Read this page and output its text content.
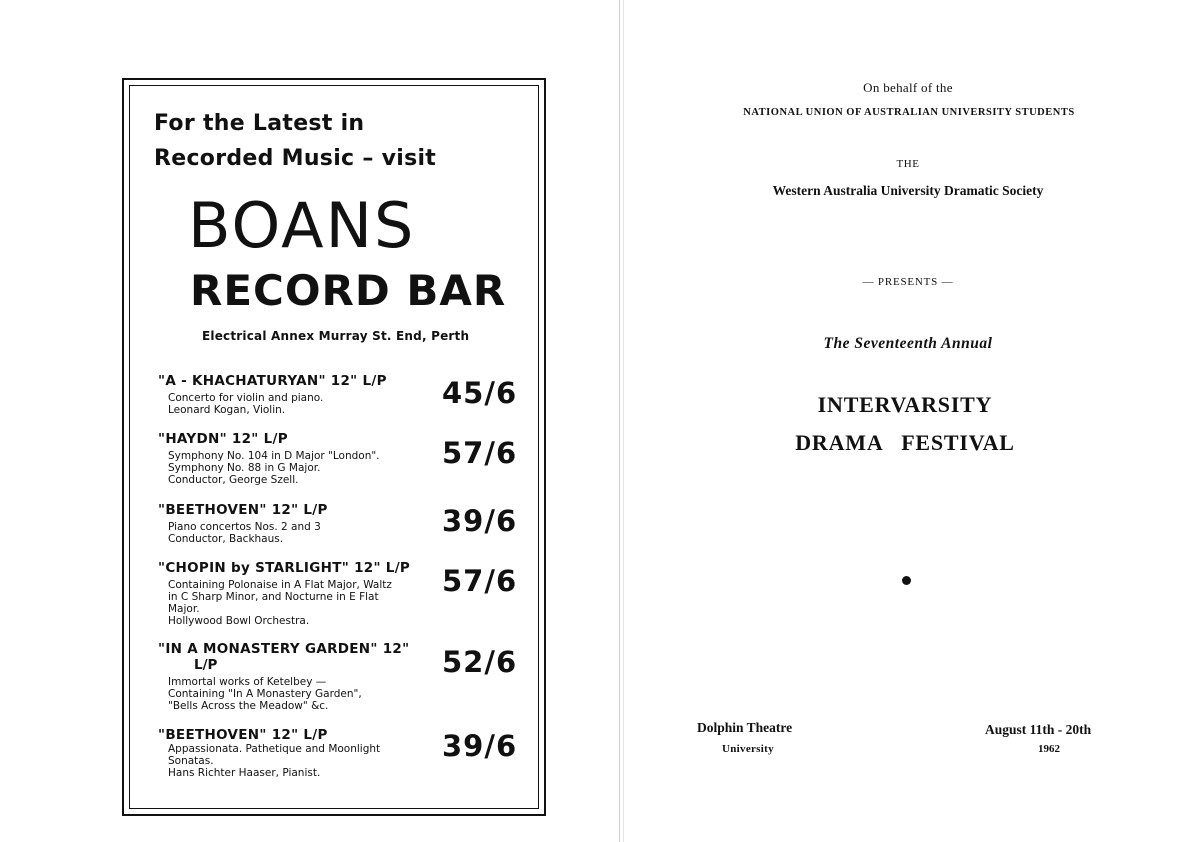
For the Latest in
Recorded Music – visit
BOANS
RECORD BAR
Electrical Annex Murray St. End, Perth
"A - KHACHATURYAN" 12" L/P
Concerto for violin and piano.
Leonard Kogan, Violin.	45/6
"HAYDN" 12" L/P
Symphony No. 104 in D Major "London".
Symphony No. 88 in G Major.
Conductor, George Szell.
57/6
"BEETHOVEN" 12" L/P
Piano concertos Nos. 2 and 3
Conductor, Backhaus.
39/6
"CHOPIN by STARLIGHT" 12" L/P
Containing Polonaise in A Flat Major, Waltz
in C Sharp Minor, and Nocturne in E Flat
Major.
Hollywood Bowl Orchestra.
57/6
"IN A MONASTERY GARDEN" 12"
L/P
Immortal works of Ketelbey —
Containing "In A Monastery Garden",
"Bells Across the Meadow" &c.
52/6
"BEETHOVEN" 12" L/P
Appassionata. Pathetique and Moonlight
Sonatas.
Hans Richter Haaser, Pianist.
39/6
On behalf of the
NATIONAL UNION OF AUSTRALIAN UNIVERSITY STUDENTS
THE
Western Australia University Dramatic Society
— PRESENTS —
The Seventeenth Annual
INTERVARSITY
DRAMA   FESTIVAL
Dolphin Theatre
University
August 11th - 20th
1962
